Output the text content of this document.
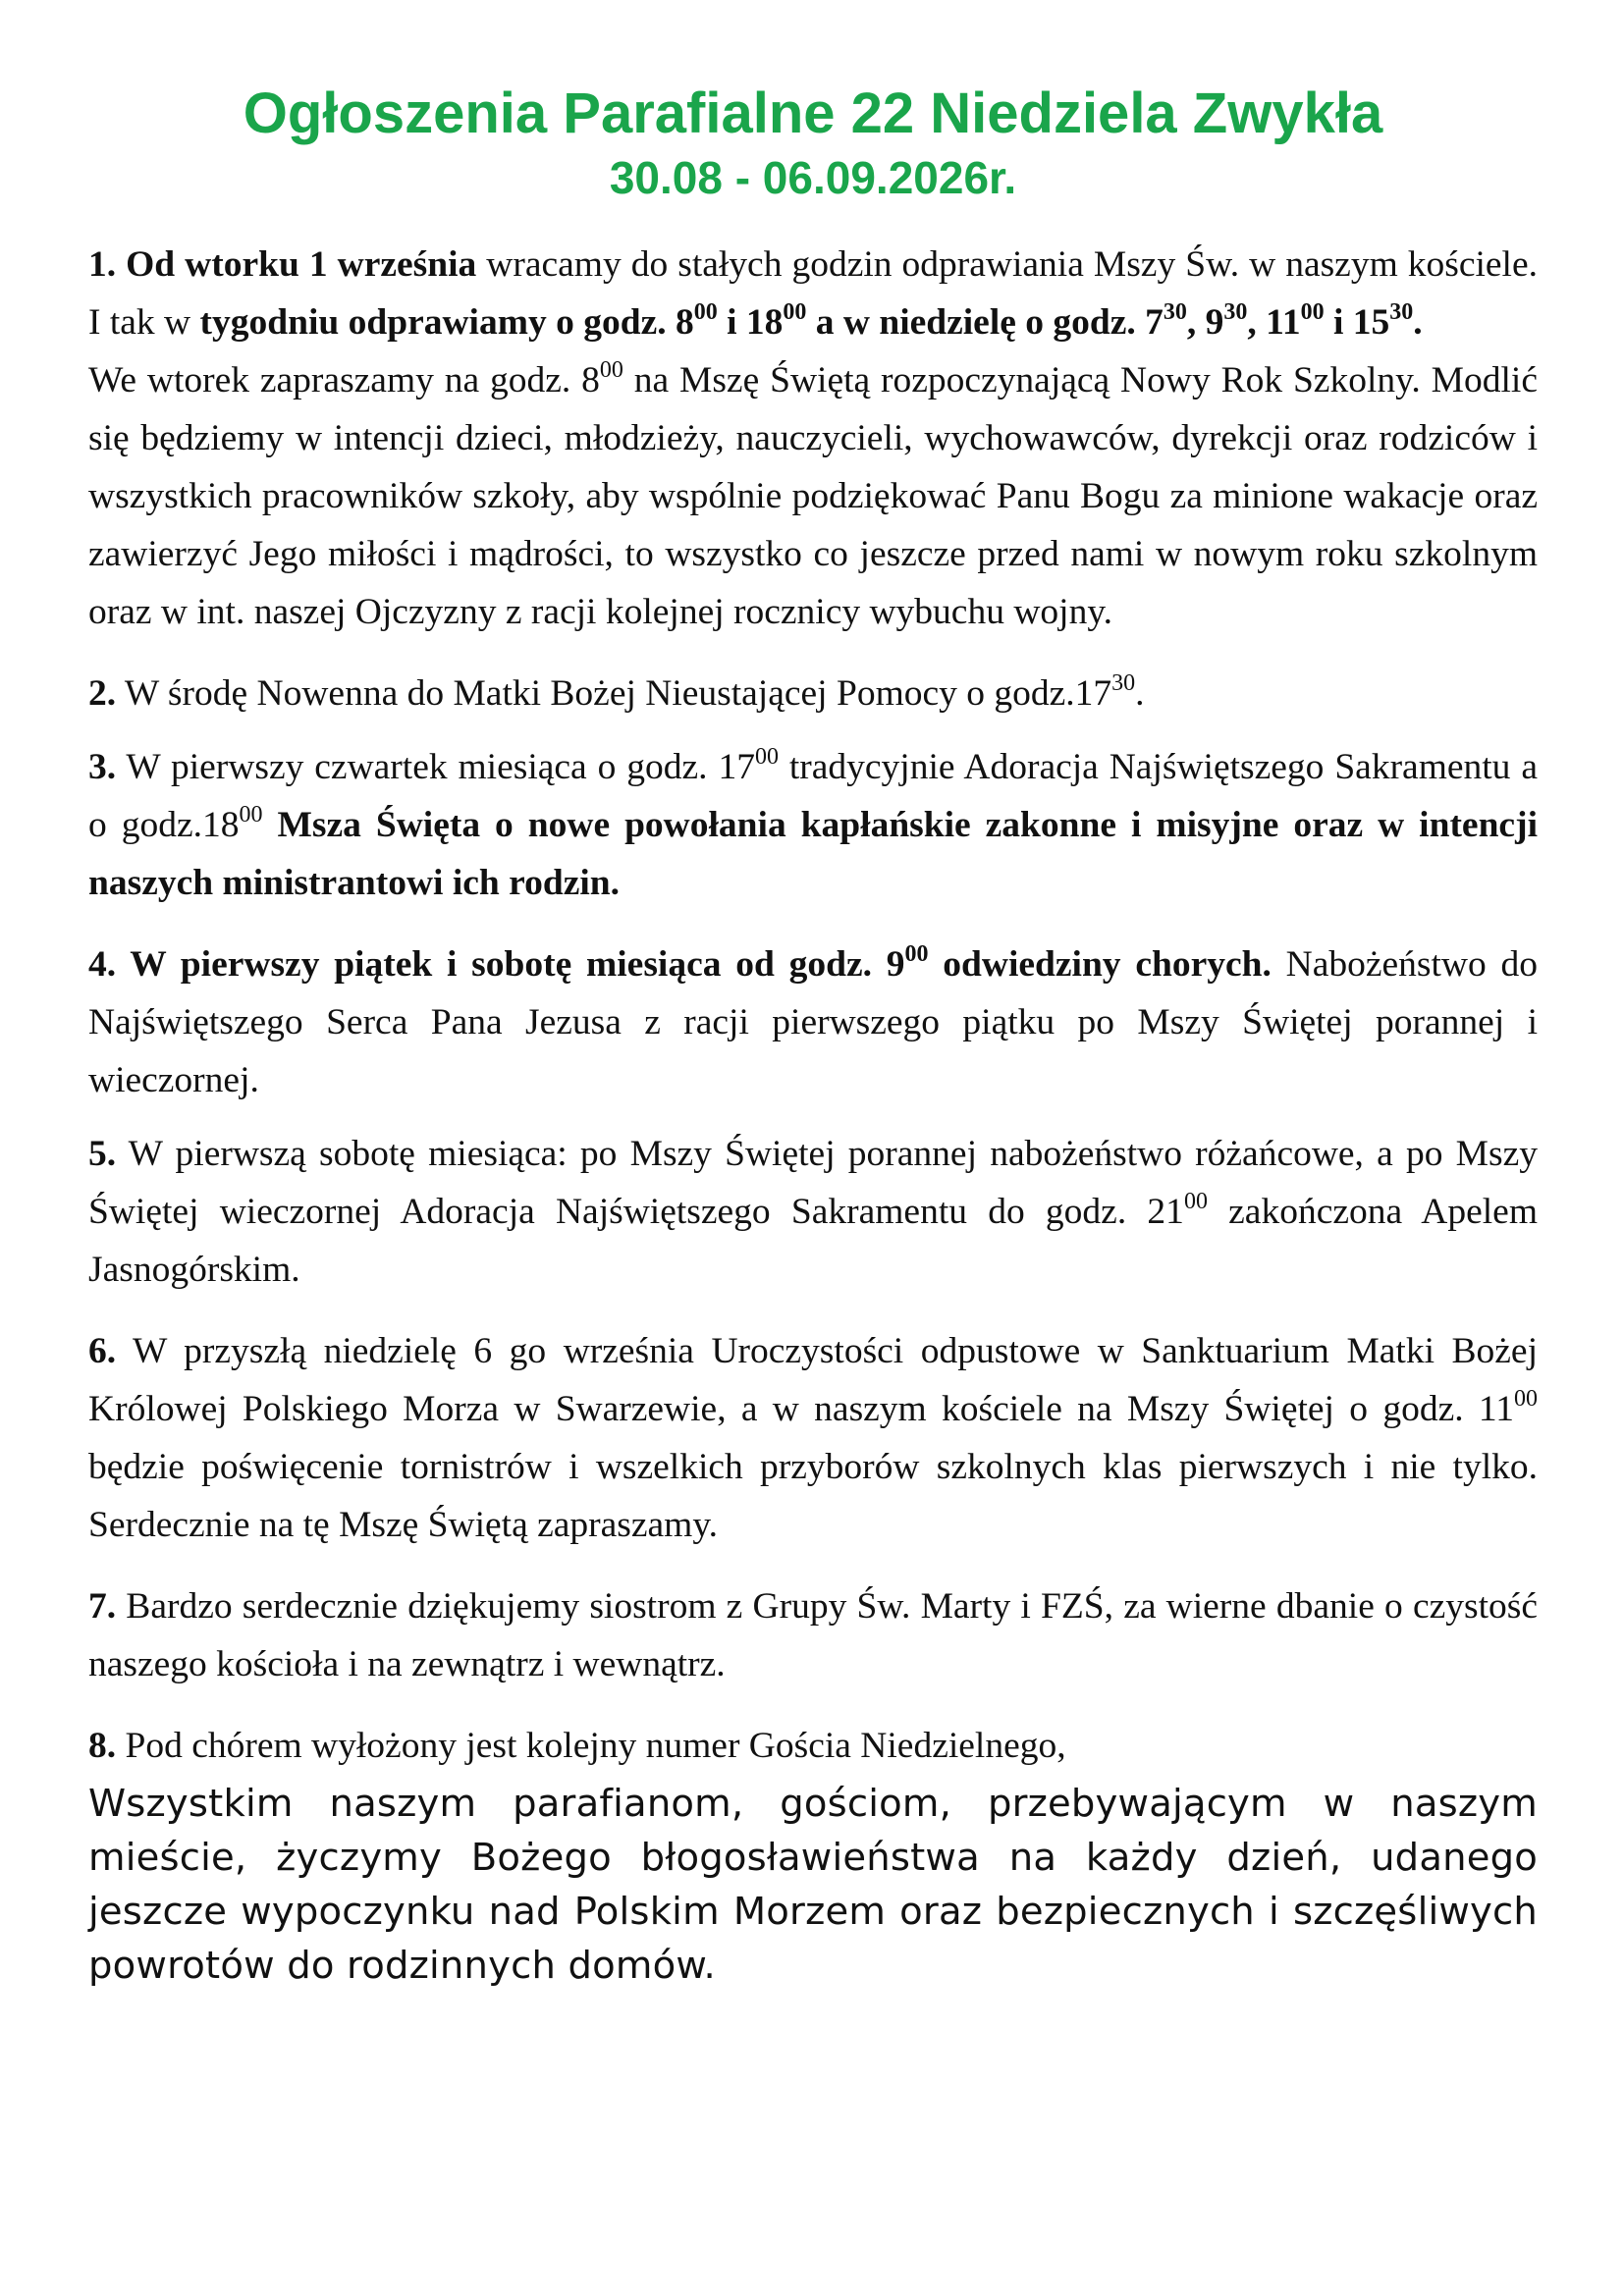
Ogłoszenia Parafialne 22 Niedziela Zwykła
30.08 - 06.09.2026r.

1. Od wtorku 1 września wracamy do stałych godzin odprawiania Mszy Św. w naszym kościele. I tak w tygodniu odprawiamy o godz. $8^{00}$ i $18^{00}$ a w niedzielę o godz. $7^{30}$, $9^{30}$, $11^{00}$ i $15^{30}$.

We wtorek zapraszamy na godz. $8^{00}$ na Mszę Świętą rozpoczynającą Nowy Rok Szkolny. Modlić się będziemy w intencji dzieci, młodzieży, nauczycieli, wychowawców, dyrekcji oraz rodziców i wszystkich pracowników szkoły, aby wspólnie podziękować Panu Bogu za minione wakacje oraz zawierzyć Jego miłości i mądrości, to wszystko co jeszcze przed nami w nowym roku szkolnym oraz w int. naszej Ojczyzny z racji kolejnej rocznicy wybuchu wojny.

2. W środę Nowenna do Matki Bożej Nieustającej Pomocy o $godz.17^{30}$.

3. W pierwszy czwartek miesiąca o godz. $17^{00}$ tradycyjnie Adoracja Najświętszego Sakramentu a o $godz.18^{00}$ Msza Święta o nowe powołania kapłańskie zakonne i misyjne oraz w intencji naszych ministrantowi ich rodzin.

4. W pierwszy piątek i sobotę miesiąca od godz. $9^{00}$ odwiedziny chorych. Nabożeństwo do Najświętszego Serca Pana Jezusa z racji pierwszego piątku po Mszy Świętej porannej i wieczornej.

5. W pierwszą sobotę miesiąca: po Mszy Świętej porannej nabożeństwo różańcowe, a po Mszy Świętej wieczornej Adoracja Najświętszego Sakramentu do godz. $21^{00}$ zakończona Apelem Jasnogórskim.

6. W przyszłą niedzielę 6 go września Uroczystości odpustowe w Sanktuarium Matki Bożej Królowej Polskiego Morza w Swarzewie, a w naszym kościele na Mszy Świętej o godz. $11^{00}$ będzie poświęcenie tornistrów i wszelkich przyborów szkolnych klas pierwszych i nie tylko. Serdecznie na tę Mszę Świętą zapraszamy.

7. Bardzo serdecznie dziękujemy siostrom z Grupy Św. Marty i FZŚ, za wierne dbanie o czystość naszego kościoła i na zewnątrz i wewnątrz.

8. Pod chórem wyłożony jest kolejny numer Gościa Niedzielnego,

Wszystkim naszym parafianom, gościom, przebywającym w naszym mieście, życzymy Bożego błogosławieństwa na każdy dzień, udanego jeszcze wypoczynku nad Polskim Morzem oraz bezpiecznych i szczęśliwych powrotów do rodzinnych domów.
